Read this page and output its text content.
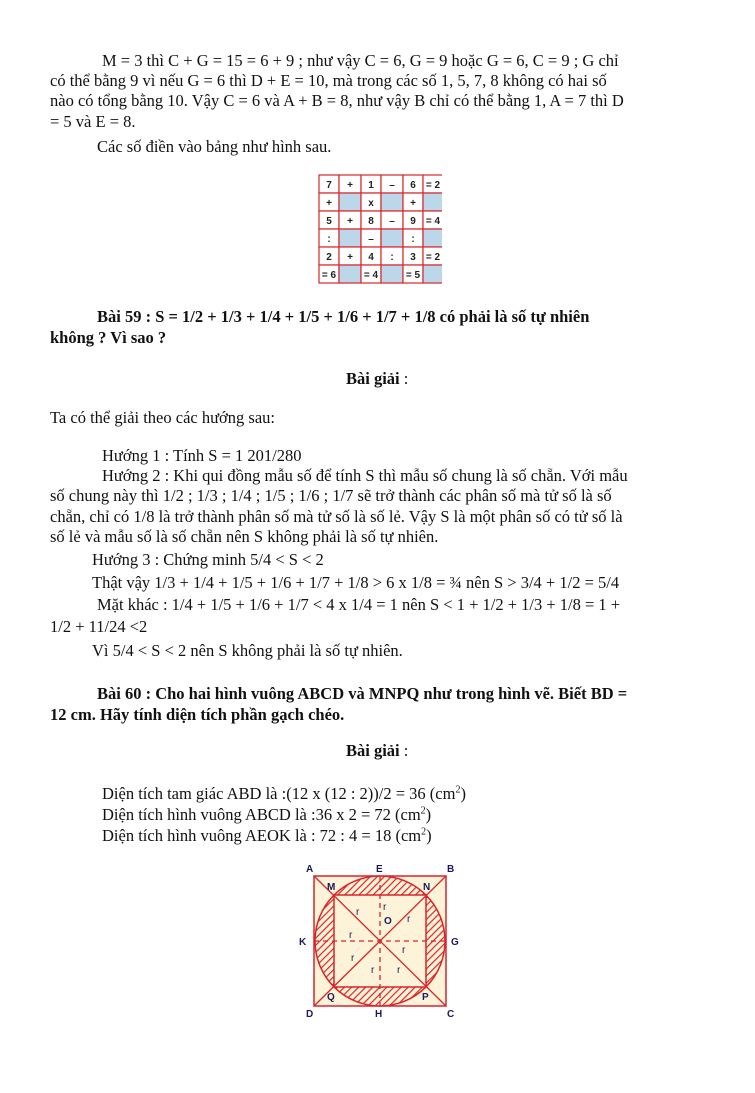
M = 3 thì C + G = 15 = 6 + 9 ; như vậy C = 6, G = 9 hoặc G = 6, C = 9 ; G chỉ
có thể bằng 9 vì nếu G = 6 thì D + E = 10, mà trong các số 1, 5, 7, 8 không có hai số
nào có tổng bằng 10. Vậy C = 6 và A + B = 8, như vậy B chỉ có thể bằng 1, A = 7 thì D
= 5 và E = 8.
Các số điền vào bảng như hình sau.
7 + 1 – 6 = 2
+	x	+
5 + 8 – 9 = 4
:	–	:
2 + 4 : 3 = 2
= 6	= 4	= 5
Bài 59 : S = 1/2 + 1/3 + 1/4 + 1/5 + 1/6 + 1/7 + 1/8 có phải là số tự nhiên
không ? Vì sao ?
Bài giải :
Ta có thể giải theo các hướng sau:
Hướng 1 : Tính S = 1 201/280
Hướng 2 : Khi qui đồng mẫu số để tính S thì mẫu số chung là số chẵn. Với mẫu
số chung này thì 1/2 ; 1/3 ; 1/4 ; 1/5 ; 1/6 ; 1/7 sẽ trở thành các phân số mà tử số là số
chẵn, chỉ có 1/8 là trở thành phân số mà tử số là số lẻ. Vậy S là một phân số có tử số là
số lẻ và mẫu số là số chẵn nên S không phải là số tự nhiên.
Hướng 3 : Chứng minh 5/4 < S < 2
Thật vậy 1/3 + 1/4 + 1/5 + 1/6 + 1/7 + 1/8 > 6 x 1/8 = ¾ nên S > 3/4 + 1/2 = 5/4
Mặt khác : 1/4 + 1/5 + 1/6 + 1/7 < 4 x 1/4 = 1 nên S < 1 + 1/2 + 1/3 + 1/8 = 1 +
1/2 + 11/24 <2
Vì 5/4 < S < 2 nên S không phải là số tự nhiên.
Bài 60 : Cho hai hình vuông ABCD và MNPQ như trong hình vẽ. Biết BD =
12 cm. Hãy tính diện tích phần gạch chéo.
Bài giải :
Diện tích tam giác ABD là :(12 x (12 : 2))/2 = 36 $(cm^2)$
Diện tích hình vuông ABCD là :36 x 2 = 72 $(cm^2)$
Diện tích hình vuông AEOK là : 72 : 4 = 18 $(cm^2)$
A	E	B
M	N
K	G
O
Q	P
D	H	C
r r
r
r
r
r
r r
